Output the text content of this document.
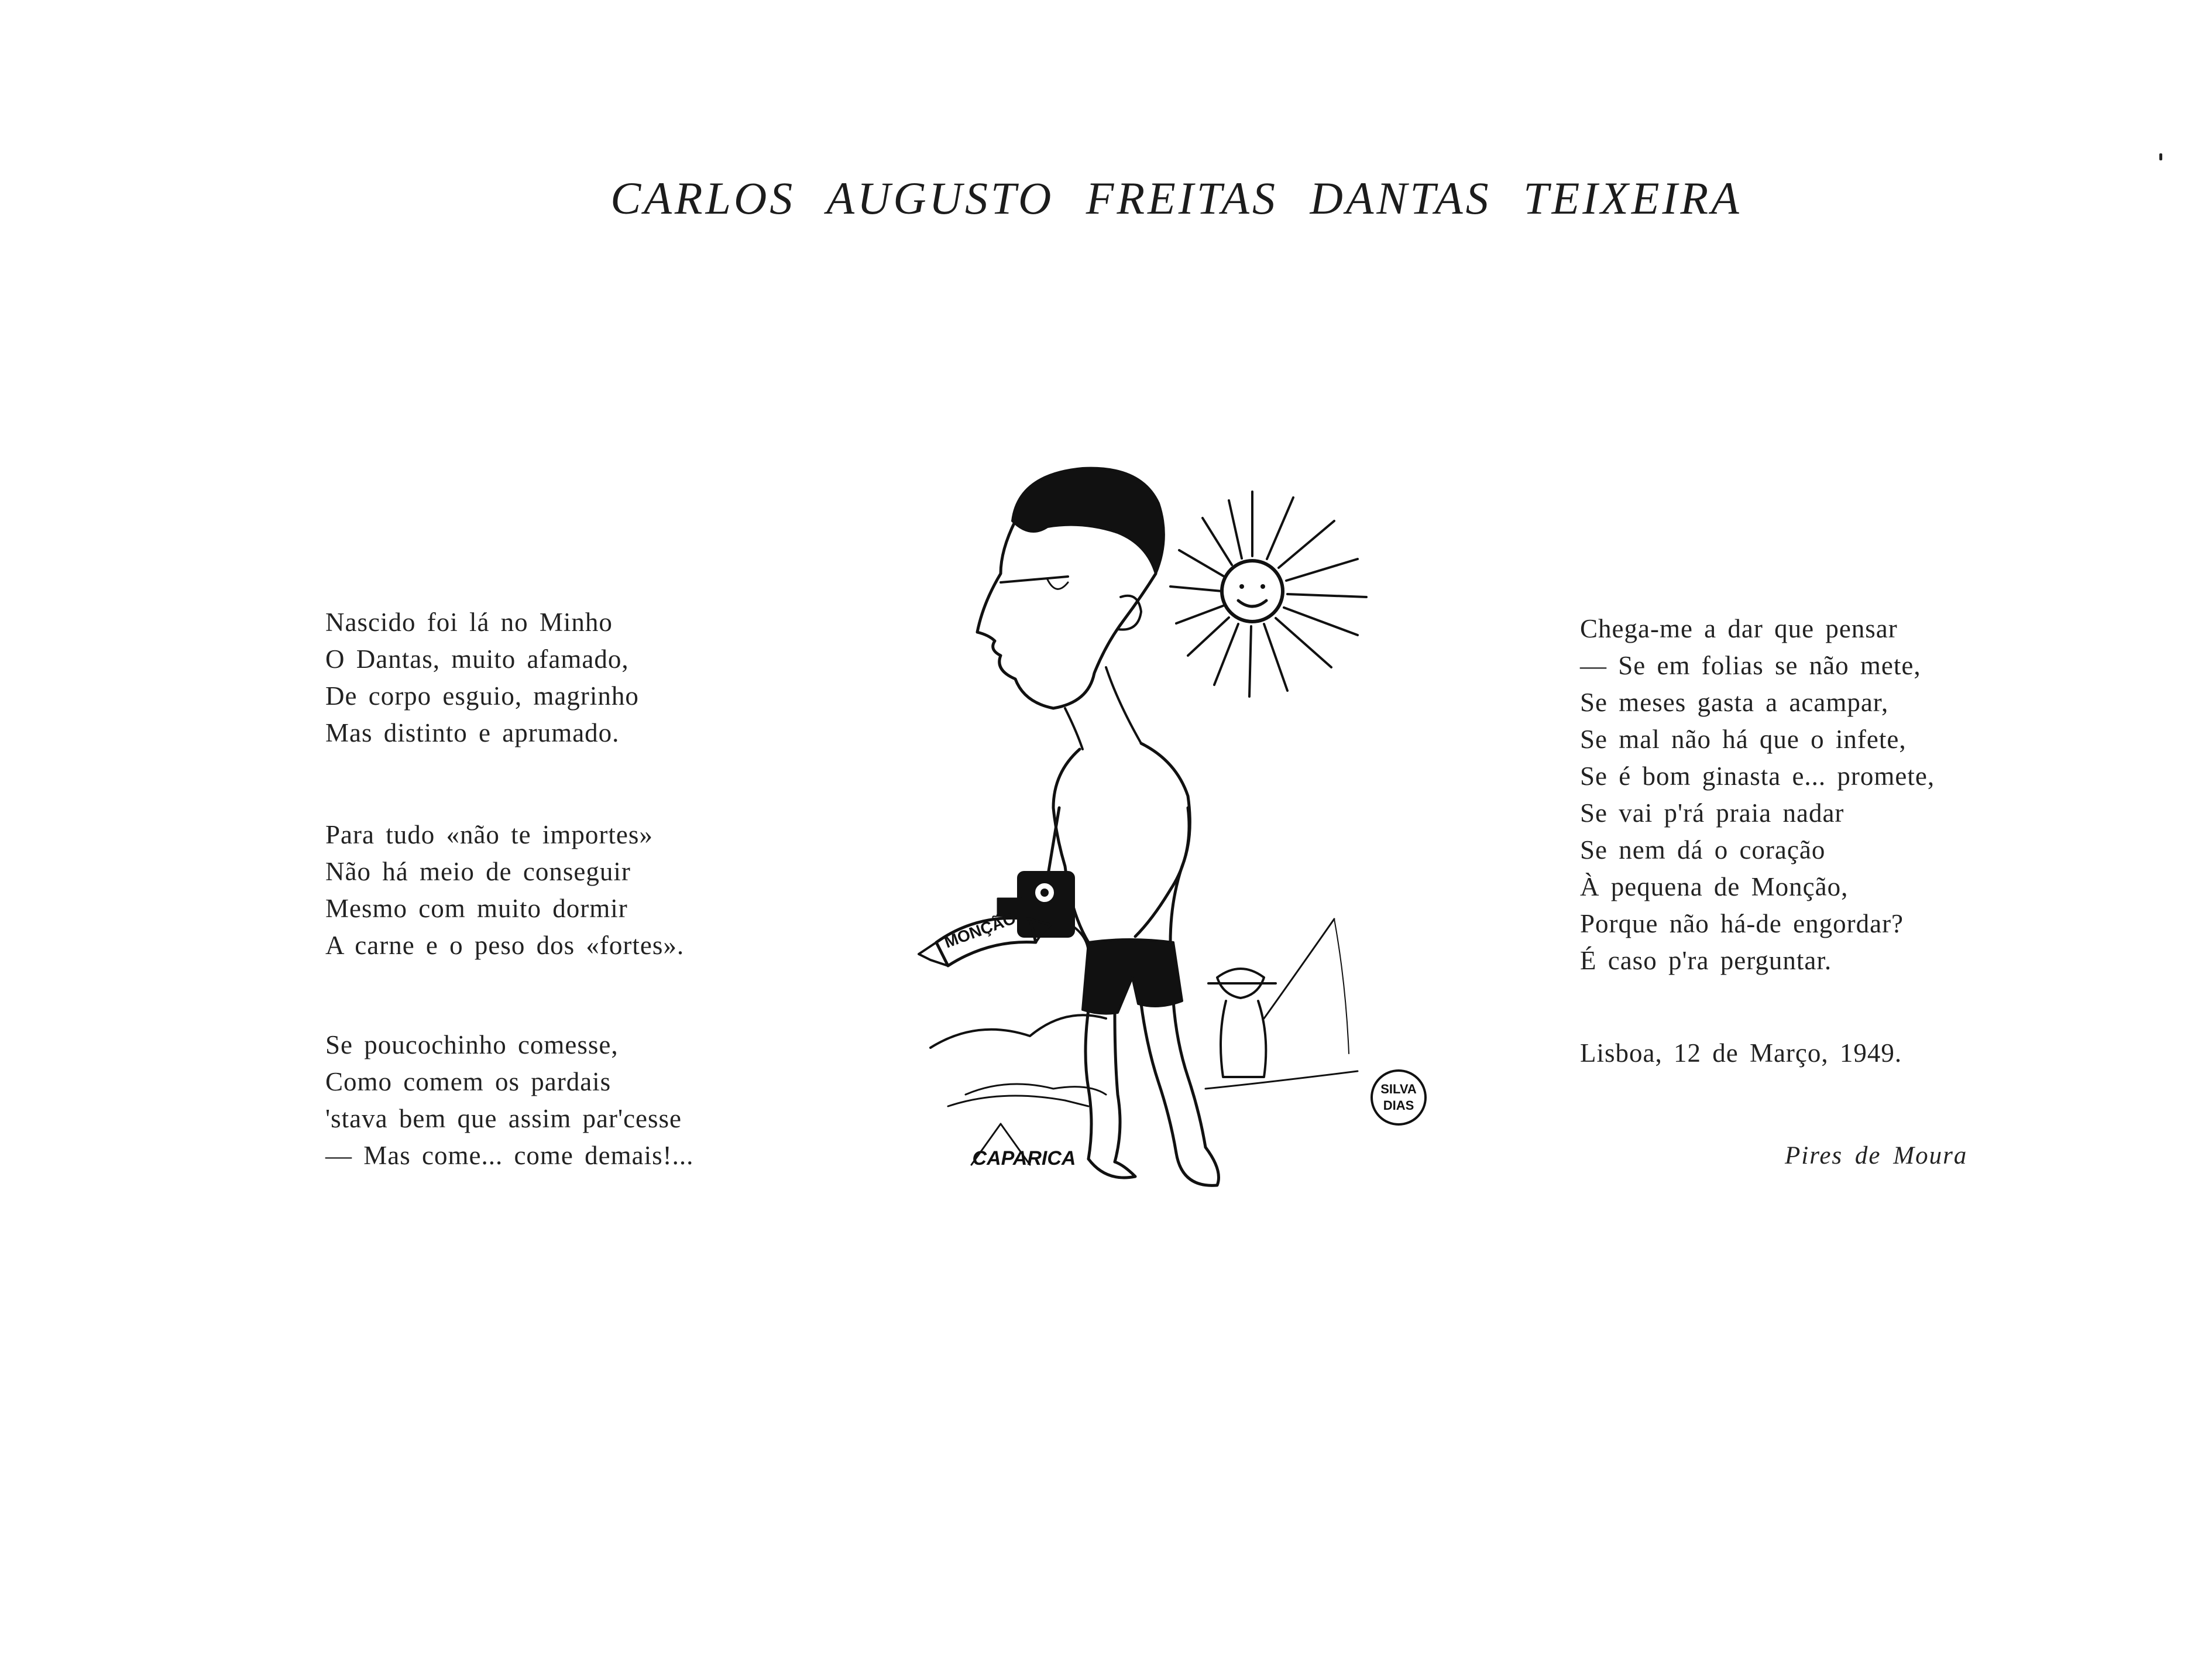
CARLOS AUGUSTO FREITAS DANTAS TEIXEIRA
Nascido foi lá no Minho
O Dantas, muito afamado,
De corpo esguio, magrinho
Mas distinto e aprumado.
Para tudo «não te importes»
Não há meio de conseguir
Mesmo com muito dormir
A carne e o peso dos «fortes».
Se poucochinho comesse,
Como comem os pardais
'stava bem que assim par'cesse
— Mas come... come demais!...
Chega-me a dar que pensar
— Se em folias se não mete,
Se meses gasta a acampar,
Se mal não há que o infete,
Se é bom ginasta e... promete,
Se vai p'rá praia nadar
Se nem dá o coração
À pequena de Monção,
Porque não há-de engordar?
É caso p'ra perguntar.
Lisboa, 12 de Março, 1949.
Pires de Moura
MONÇÃO
CAPARICA
SILVA
DIAS
